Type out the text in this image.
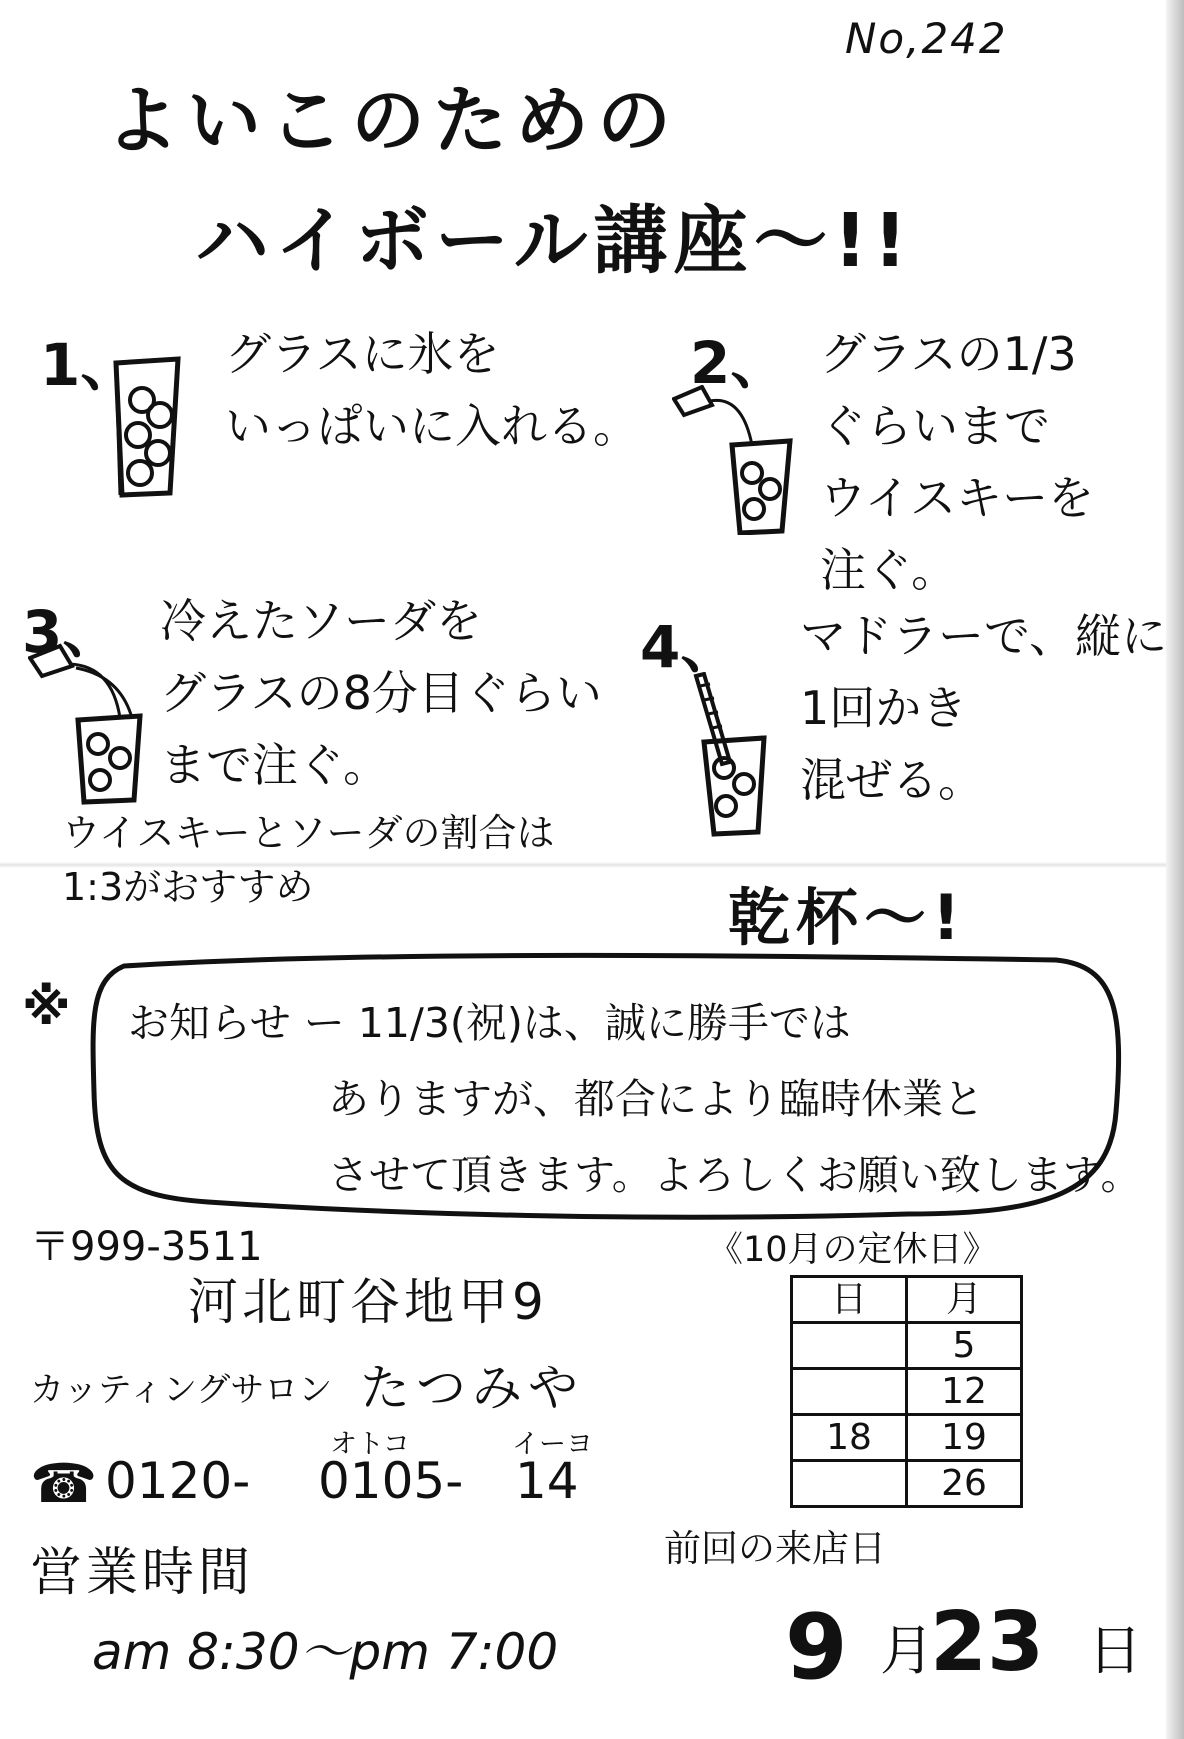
No,242
よいこのための
ハイボール講座〜!!
1、 グラスに氷を
いっぱいに入れる。
2、 グラスの1/3
ぐらいまで
ウイスキーを
注ぐ。
3、 冷えたソーダを
グラスの8分目ぐらい
まで注ぐ。
4、 マドラーで、縦に
1回かき
混ぜる。
ウイスキーとソーダの割合は
1:3がおすすめ	乾杯〜!
※ お知らせ ー 11/3(祝)は、誠に勝手では
ありますが、都合により臨時休業と
させて頂きます。よろしくお願い致します。
〒999-3511
河北町谷地甲9
カッティングサロン たつみや
オトコ	イーヨ
☎ 0120- 0105- 14
営業時間
am 8:30〜pm 7:00
《10月の定休日》
日	月
	5
	12
18	19
	26
前回の来店日
9 月
23 日
